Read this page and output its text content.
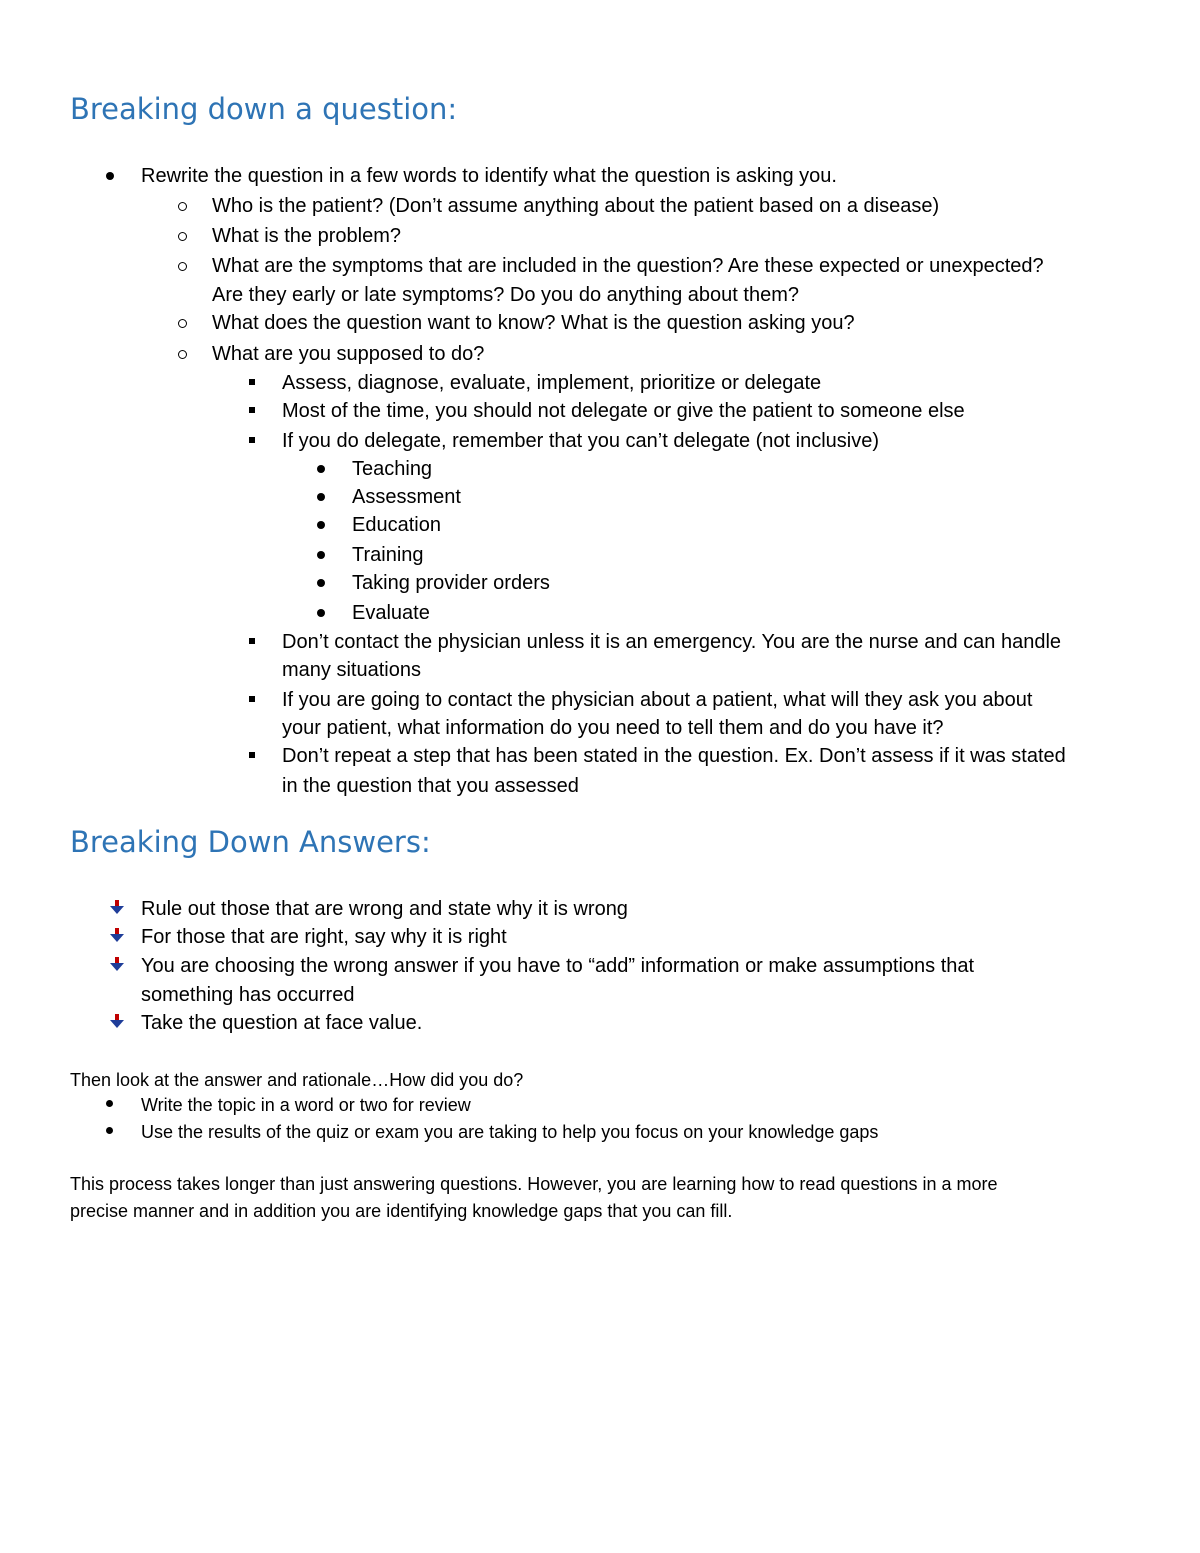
Breaking down a question:

Rewrite the question in a few words to identify what the question is asking you.

Who is the patient? (Don’t assume anything about the patient based on a disease)

What is the problem?

What are the symptoms that are included in the question? Are these expected or unexpected?

Are they early or late symptoms? Do you do anything about them?

What does the question want to know? What is the question asking you?

What are you supposed to do?

Assess, diagnose, evaluate, implement, prioritize or delegate

Most of the time, you should not delegate or give the patient to someone else

If you do delegate, remember that you can’t delegate (not inclusive)

Teaching

Assessment

Education

Training

Taking provider orders

Evaluate

Don’t contact the physician unless it is an emergency. You are the nurse and can handle

many situations

If you are going to contact the physician about a patient, what will they ask you about

your patient, what information do you need to tell them and do you have it?

Don’t repeat a step that has been stated in the question. Ex. Don’t assess if it was stated

in the question that you assessed

Breaking Down Answers:

Rule out those that are wrong and state why it is wrong

For those that are right, say why it is right

You are choosing the wrong answer if you have to “add” information or make assumptions that

something has occurred

Take the question at face value.

Then look at the answer and rationale…How did you do?

Write the topic in a word or two for review

Use the results of the quiz or exam you are taking to help you focus on your knowledge gaps

This process takes longer than just answering questions. However, you are learning how to read questions in a more

precise manner and in addition you are identifying knowledge gaps that you can fill.
